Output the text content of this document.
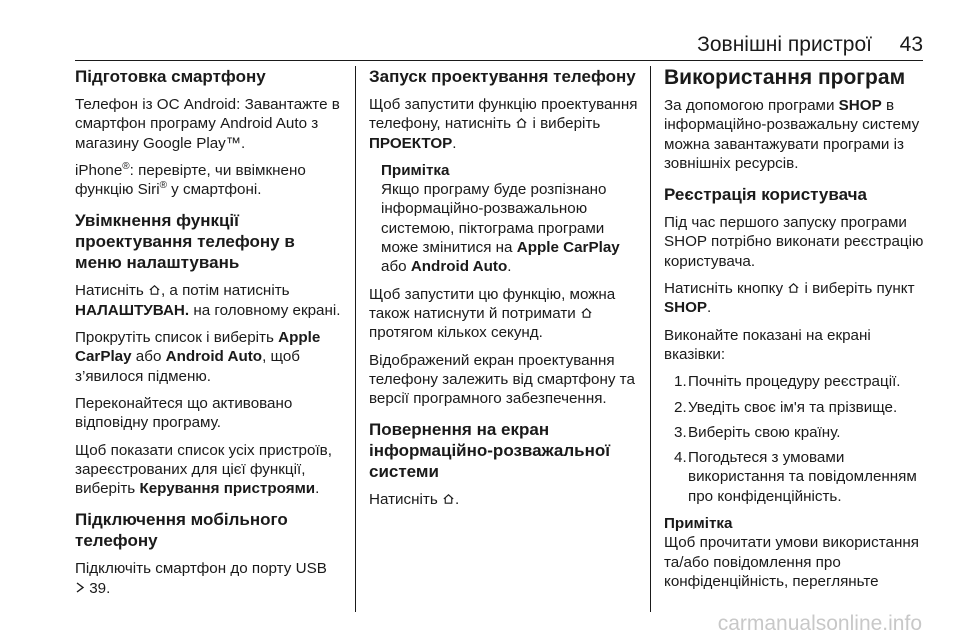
Зовнішні пристрої 43
Підготовка смартфону

Телефон із ОС Android: Завантажте в смартфон програму Android Auto з магазину Google Play™.

iPhone®: перевірте, чи ввімкнено функцію Siri® у смартфоні.

Увімкнення функції проектування телефону в меню налаштувань

Натисніть , а потім натисніть НАЛАШТУВАН. на головному екрані.

Прокрутіть список і виберіть Apple CarPlay або Android Auto, щоб з’явилося підменю.

Переконайтеся що активовано відповідну програму.

Щоб показати список усіх пристроїв, зареєстрованих для цієї функції, виберіть Керування пристроями.

Підключення мобільного телефону

Підключіть смартфон до порту USB
39.

Запуск проектування телефону

Щоб запустити функцію проектування телефону, натисніть  і виберіть ПРОЕКТОР.

Примітка
Якщо програму буде розпізнано інформаційно-розважальною системою, піктограма програми може змінитися на Apple CarPlay або Android Auto.

Щоб запустити цю функцію, можна також натиснути й потримати  протягом кількох секунд.

Відображений екран проектування телефону залежить від смартфону та версії програмного забезпечення.

Повернення на екран інформаційно-розважальної системи

Натисніть .

Використання програм

За допомогою програми SHOP в інформаційно-розважальну систему можна завантажувати програми із зовнішніх ресурсів.

Реєстрація користувача

Під час першого запуску програми SHOP потрібно виконати реєстрацію користувача.

Натисніть кнопку  і виберіть пункт SHOP.

Виконайте показані на екрані вказівки:

1. Почніть процедуру реєстрації.
2. Уведіть своє ім'я та прізвище.
3. Виберіть свою країну.
4. Погодьтеся з умовами використання та повідомленням про конфіденційність.
Примітка
Щоб прочитати умови використання та/або повідомлення про конфіденційність, перегляньте
carmanualsonline.info
